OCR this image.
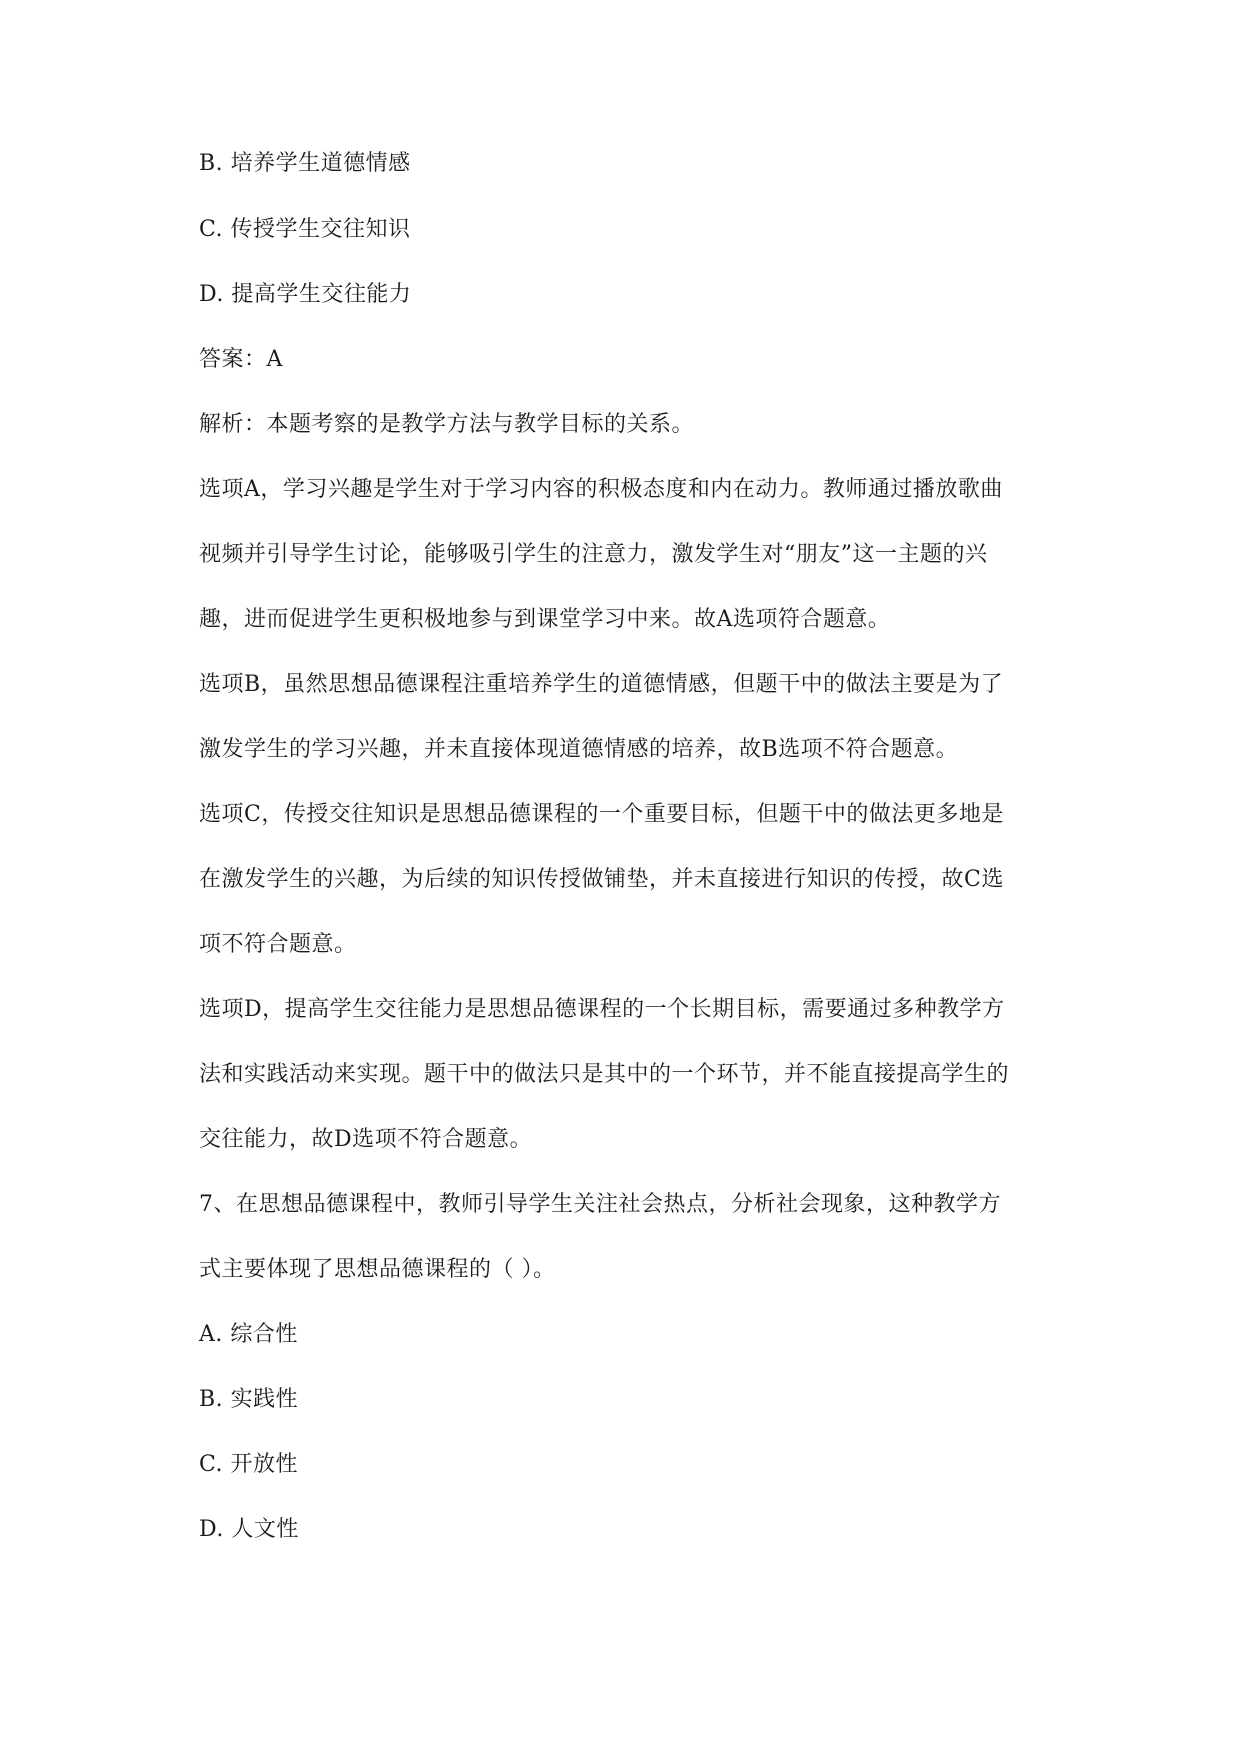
B. 培养学生道德情感
C. 传授学生交往知识
D. 提高学生交往能力
答案：A
解析：本题考察的是教学方法与教学目标的关系。
选项A，学习兴趣是学生对于学习内容的积极态度和内在动力。教师通过播放歌曲
视频并引导学生讨论，能够吸引学生的注意力，激发学生对“朋友”这一主题的兴
趣，进而促进学生更积极地参与到课堂学习中来。故A选项符合题意。
选项B，虽然思想品德课程注重培养学生的道德情感，但题干中的做法主要是为了
激发学生的学习兴趣，并未直接体现道德情感的培养，故B选项不符合题意。
选项C，传授交往知识是思想品德课程的一个重要目标，但题干中的做法更多地是
在激发学生的兴趣，为后续的知识传授做铺垫，并未直接进行知识的传授，故C选
项不符合题意。
选项D，提高学生交往能力是思想品德课程的一个长期目标，需要通过多种教学方
法和实践活动来实现。题干中的做法只是其中的一个环节，并不能直接提高学生的
交往能力，故D选项不符合题意。
7、在思想品德课程中，教师引导学生关注社会热点，分析社会现象，这种教学方
式主要体现了思想品德课程的（ ）。
A. 综合性
B. 实践性
C. 开放性
D. 人文性
